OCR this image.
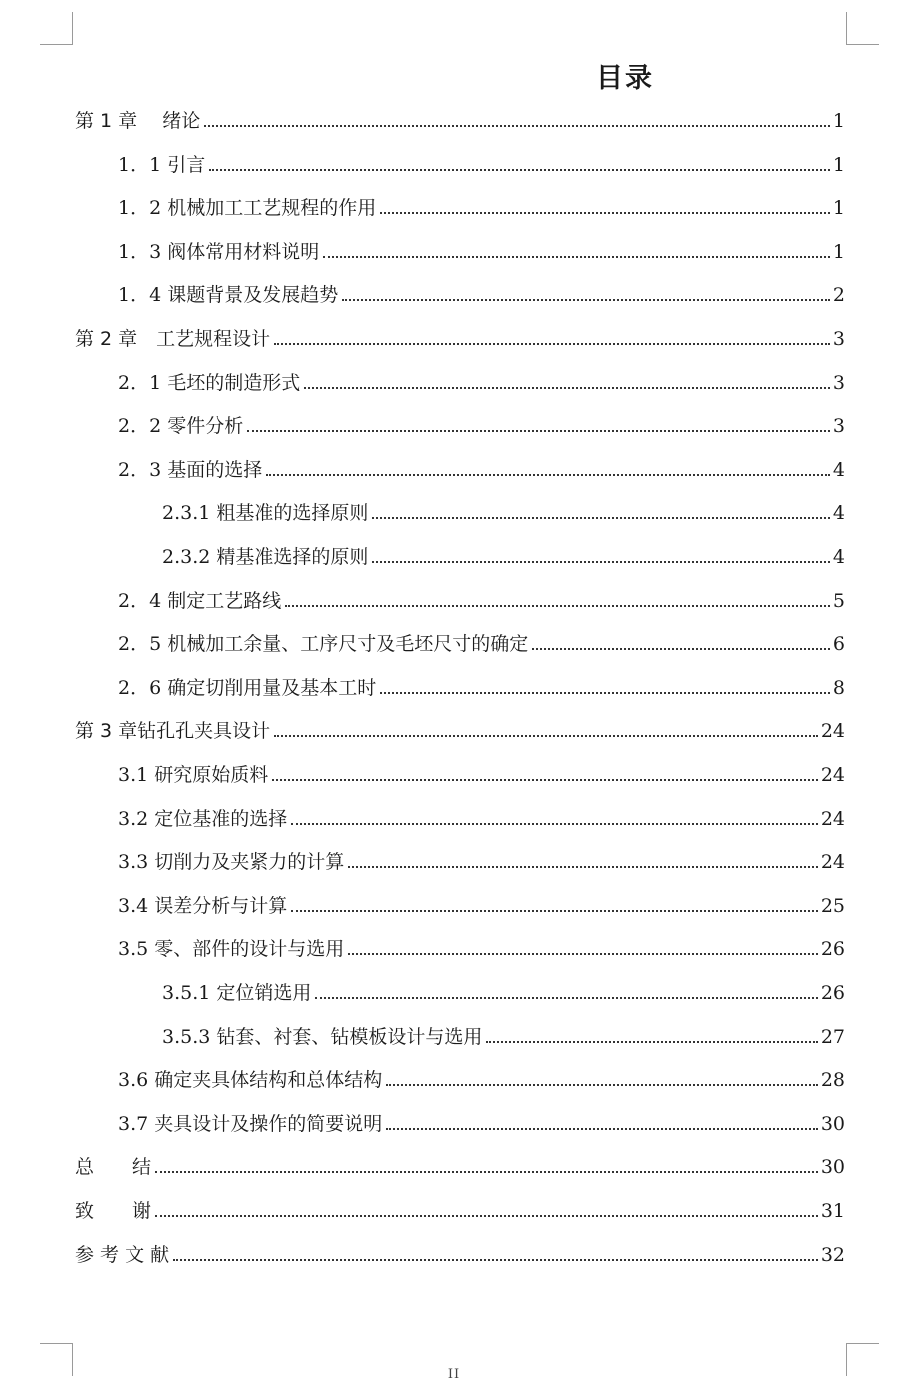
目录
第 1 章　 绪论	1
1．1 引言	1
1．2 机械加工工艺规程的作用	1
1．3 阀体常用材料说明	1
1．4 课题背景及发展趋势	2
第 2 章　工艺规程设计	3
2．1 毛坯的制造形式	3
2．2 零件分析	3
2．3 基面的选择	4
2.3.1 粗基准的选择原则	4
2.3.2 精基准选择的原则	4
2．4 制定工艺路线	5
2．5 机械加工余量、工序尺寸及毛坯尺寸的确定	6
2．6 确定切削用量及基本工时	8
第 3 章钻孔孔夹具设计	24
3.1 研究原始质料	24
3.2 定位基准的选择	24
3.3 切削力及夹紧力的计算	24
3.4 误差分析与计算	25
3.5 零、部件的设计与选用	26
3.5.1 定位销选用	26
3.5.3 钻套、衬套、钻模板设计与选用	27
3.6 确定夹具体结构和总体结构	28
3.7 夹具设计及操作的简要说明	30
总　　结	30
致　　谢	31
参 考 文 献	32
II
